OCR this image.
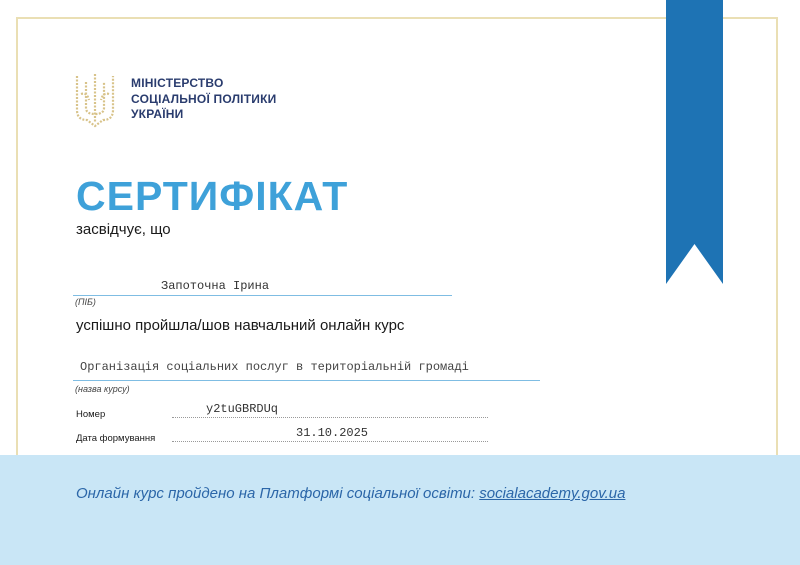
МІНІСТЕРСТВО
СОЦІАЛЬНОЇ ПОЛІТИКИ
УКРАЇНИ
СЕРТИФІКАТ
засвідчує, що
Запоточна Ірина
(ПІБ)
успішно пройшла/шов навчальний онлайн курс
Організація соціальних послуг в територіальній громаді
(назва курсу)
Номер	y2tuGBRDUq
Дата формування	31.10.2025
Онлайн курс пройдено на Платформі соціальної освіти: socialacademy.gov.ua
